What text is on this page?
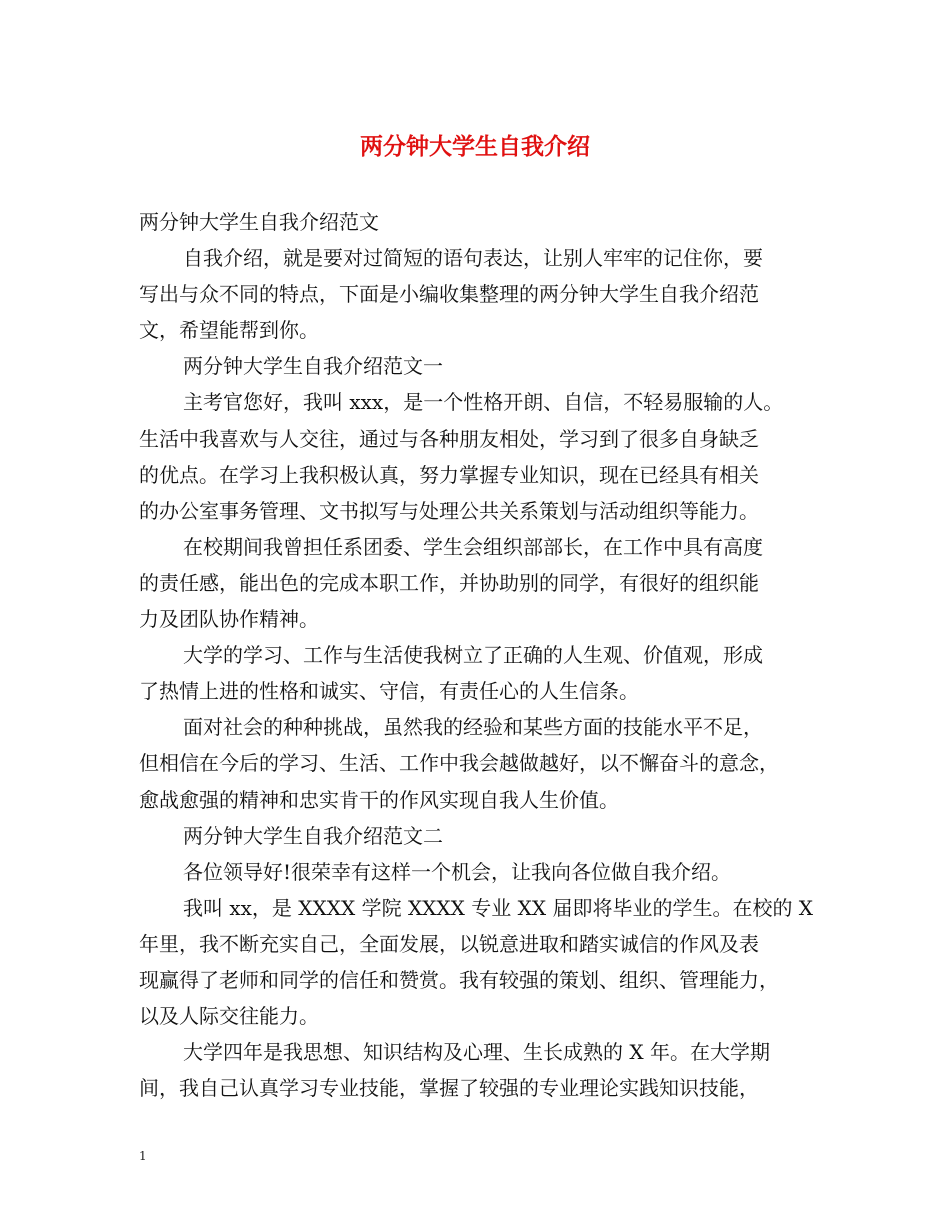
两分钟大学生自我介绍

两分钟大学生自我介绍范文

自我介绍，就是要对过简短的语句表达，让别人牢牢的记住你，要

写出与众不同的特点，下面是小编收集整理的两分钟大学生自我介绍范

文，希望能帮到你。

两分钟大学生自我介绍范文一

主考官您好，我叫 xxx，是一个性格开朗、自信，不轻易服输的人。

生活中我喜欢与人交往，通过与各种朋友相处，学习到了很多自身缺乏

的优点。在学习上我积极认真，努力掌握专业知识，现在已经具有相关

的办公室事务管理、文书拟写与处理公共关系策划与活动组织等能力。

在校期间我曾担任系团委、学生会组织部部长，在工作中具有高度

的责任感，能出色的完成本职工作，并协助别的同学，有很好的组织能

力及团队协作精神。

大学的学习、工作与生活使我树立了正确的人生观、价值观，形成

了热情上进的性格和诚实、守信，有责任心的人生信条。

面对社会的种种挑战，虽然我的经验和某些方面的技能水平不足，

但相信在今后的学习、生活、工作中我会越做越好，以不懈奋斗的意念，

愈战愈强的精神和忠实肯干的作风实现自我人生价值。

两分钟大学生自我介绍范文二

各位领导好!很荣幸有这样一个机会，让我向各位做自我介绍。

我叫 xx，是 XXXX 学院 XXXX 专业 XX 届即将毕业的学生。在校的 X

年里，我不断充实自己，全面发展，以锐意进取和踏实诚信的作风及表

现赢得了老师和同学的信任和赞赏。我有较强的策划、组织、管理能力，

以及人际交往能力。

大学四年是我思想、知识结构及心理、生长成熟的 X 年。在大学期

间，我自己认真学习专业技能，掌握了较强的专业理论实践知识技能，

1
